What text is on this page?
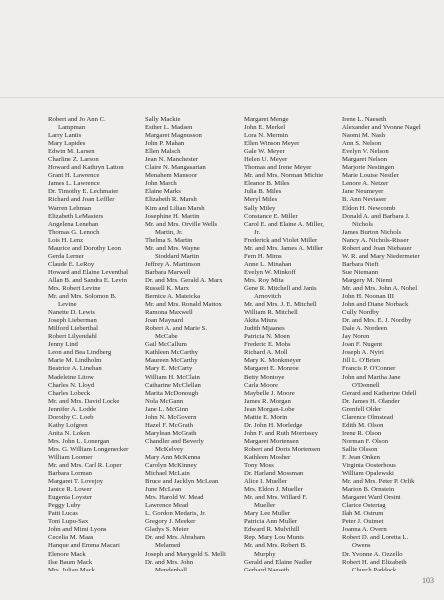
Robert and Jo Ann C.
Lampman
Larry Lantis
Mary Lapides
Edwin M. Larsen
Charline Z. Larson
Howard and Kathryn Latton
Grant H. Lawrence
James L. Lawrence
Dr. Timothy E. Lechmaier
Richard and Joan Leffler
Warren Lehman
Elizabeth LeMasters
Angelena Lenehan
Thomas G. Lenoch
Lois H. Lenz
Maurice and Dorothy Leon
Gerda Lerner
Claude E. LeRoy
Howard and Elaine Leventhal
Allan B. and Sandra E. Levin
Mrs. Robert Levine
Mr. and Mrs. Solomon B.
Levine
Nanette D. Lewis
Joseph Lieberman
Milford Lieberthal
Robert Lilyendahl
Jenny Lind
Leon and Bea Lindberg
Marie M. Lindholm
Beatrice A. Linehan
Madeleine Litow
Charles N. Lloyd
Charles Lobeck
Mr. and Mrs. David Locke
Jennifer A. Lodde
Dorothy C. Loeb
Kathy Lofgren
Anita N. Loken
Mrs. John L. Lonergan
Mrs. G. William Longenecker
William Loomer
Mr. and Mrs. Carl R. Loper
Barbara Lorman
Margaret T. Lovejoy
Janice R. Lower
Eugenia Loyster
Peggy Luby
Patti Lucas
Toni Lupu-Sax
John and Mimi Lyons
Cecelia M. Maas
Hanque and Emma Macari
Elenore Mack
Ilse Baum Mack
Mrs. Julian Mack
Sally Mackie
Esther L. Madsen
Margaret Magnusson
John P. Mahan
Ellen Malsch
Jean N. Manchester
Claire N. Mangasarian
Menahem Mansoor
John March
Elaine Marks
Elizabeth R. Marsh
Kim and Lilian Marsh
Josephine H. Martin
Mr. and Mrs. Orville Wells
Martin, Jr.
Thelma S. Martin
Mr. and Mrs. Wayne
Stoddard Martin
Jeffrey A. Martinson
Barbara Marwell
Dr. and Mrs. Gerald A. Marx
Russell K. Marx
Bernice A. Mateicka
Mr. and Mrs. Ronald Mattox
Ramona Maxwell
Joan Maynard
Robert A. and Marie S.
McCabe
Gail McCallum
Kathleen McCarthy
Maureen McCarthy
Mary E. McCarty
William H. McClain
Catharine McClellan
Marita McDonough
Nola McGann
Jane L. McGinn
John N. McGovern
Hazel F. McGrath
Marylean McGrath
Chandler and Beverly
McKelvey
Mary Ann McKenna
Carolyn McKinney
Michael McLain
Bruce and Jacklyn McLean
June McLean
Mrs. Harold W. Mead
Lawrence Mead
L. Gordon Medaris, Jr.
Gregory J. Meeker
Gladys S. Meier
Dr. and Mrs. Abraham
Melamed
Joseph and Marygold S. Melli
Dr. and Mrs. John
Mendenhall
Margaret Menge
John E. Merkel
Lora N. Mermin
Ellen Winson Meyer
Gale W. Meyer
Helen U. Meyer
Thomas and Irene Meyer
Mr. and Mrs. Norman Michie
Eleanor B. Miles
Julia B. Miles
Meryl Miles
Sally Miley
Constance E. Miller
Carol E. and Elaine A. Miller,
Jr.
Frederick and Violet Miller
Mr. and Mrs. James A. Miller
Fern H. Mims
Anne L. Minahan
Evelyn W. Minkoff
Mrs. Roy Mita
Gene R. Mitchell and Janis
Arnovitch
Mr. and Mrs. J. E. Mitchell
William R. Mitchell
Akita Miura
Judith Mjaanes
Patricia N. Moen
Frederic E. Mohs
Richard A. Moll
Mary K. Monkmeyer
Margaret E. Monroe
Betty Montoye
Carla Moore
Maybelle J. Moore
James R. Morgan
Jean Morgan-Lobe
Mattie E. Morin
Dr. John H. Morledge
John F. and Ruth Morrissey
Margaret Mortensen
Robert and Doris Mortensen
Kathleen Mosher
Tony Moss
Dr. Harland Mossman
Alice I. Mueller
Mrs. Eldon J. Mueller
Mr. and Mrs. Willard F.
Mueller
Mary Lee Muller
Patricia Ann Muller
Edward R. Mulvihill
Rep. Mary Lou Munts
Mr. and Mrs. Robert B.
Murphy
Gerald and Elaine Nadler
Gerhard Naeseth
Irene L. Naeseth
Alexander and Yvonne Nagel
Naomi M. Nash
Ann S. Nelson
Evelyn V. Nelson
Margaret Nelson
Marjorie Nestingen
Marie Louise Nestler
Lenore A. Netzer
Jane Neumeyer
B. Ann Neviaser
Eldon H. Newcomb
Donald A. and Barbara J.
Nichols
James Burton Nichols
Nancy A. Nichols-Risser
Robert and Joan Niebauer
W. R. and Mary Niedermeier
Barbara Nieft
Sue Niemann
Margery M. Niemi
Mr. and Mrs. John A. Nohel
John H. Noonan III
John and Diane Norback
Cully Nordby
Dr. and Mrs. E. J. Nordby
Dale A. Nordeen
Jay Noren
Joan F. Nugent
Joseph A. Nyiri
Jill L. O'Brien
Francis P. O'Conner
John and Martha Jane
O'Donnell
Gerard and Katherine Odell
Dr. James H. Olander
Grenfell Older
Clarence Olmstead
Edith M. Olson
Irene R. Olson
Norman F. Olson
Sallie Olsson
F. Jean Onken
Virginia Oosterhous
William Opalewski
Mr. and Mrs. Peter P. Orlik
Marion B. Ornstein
Margaret Ward Orsini
Clarice Ostertag
Ilah M. Ostrum
Peter J. Ouimet
Joanna A. Overn
Robert D. and Loretta L.
Owens
Dr. Yvonne A. Ozzello
Robert H. and Elizabeth
Church Paddock
103
